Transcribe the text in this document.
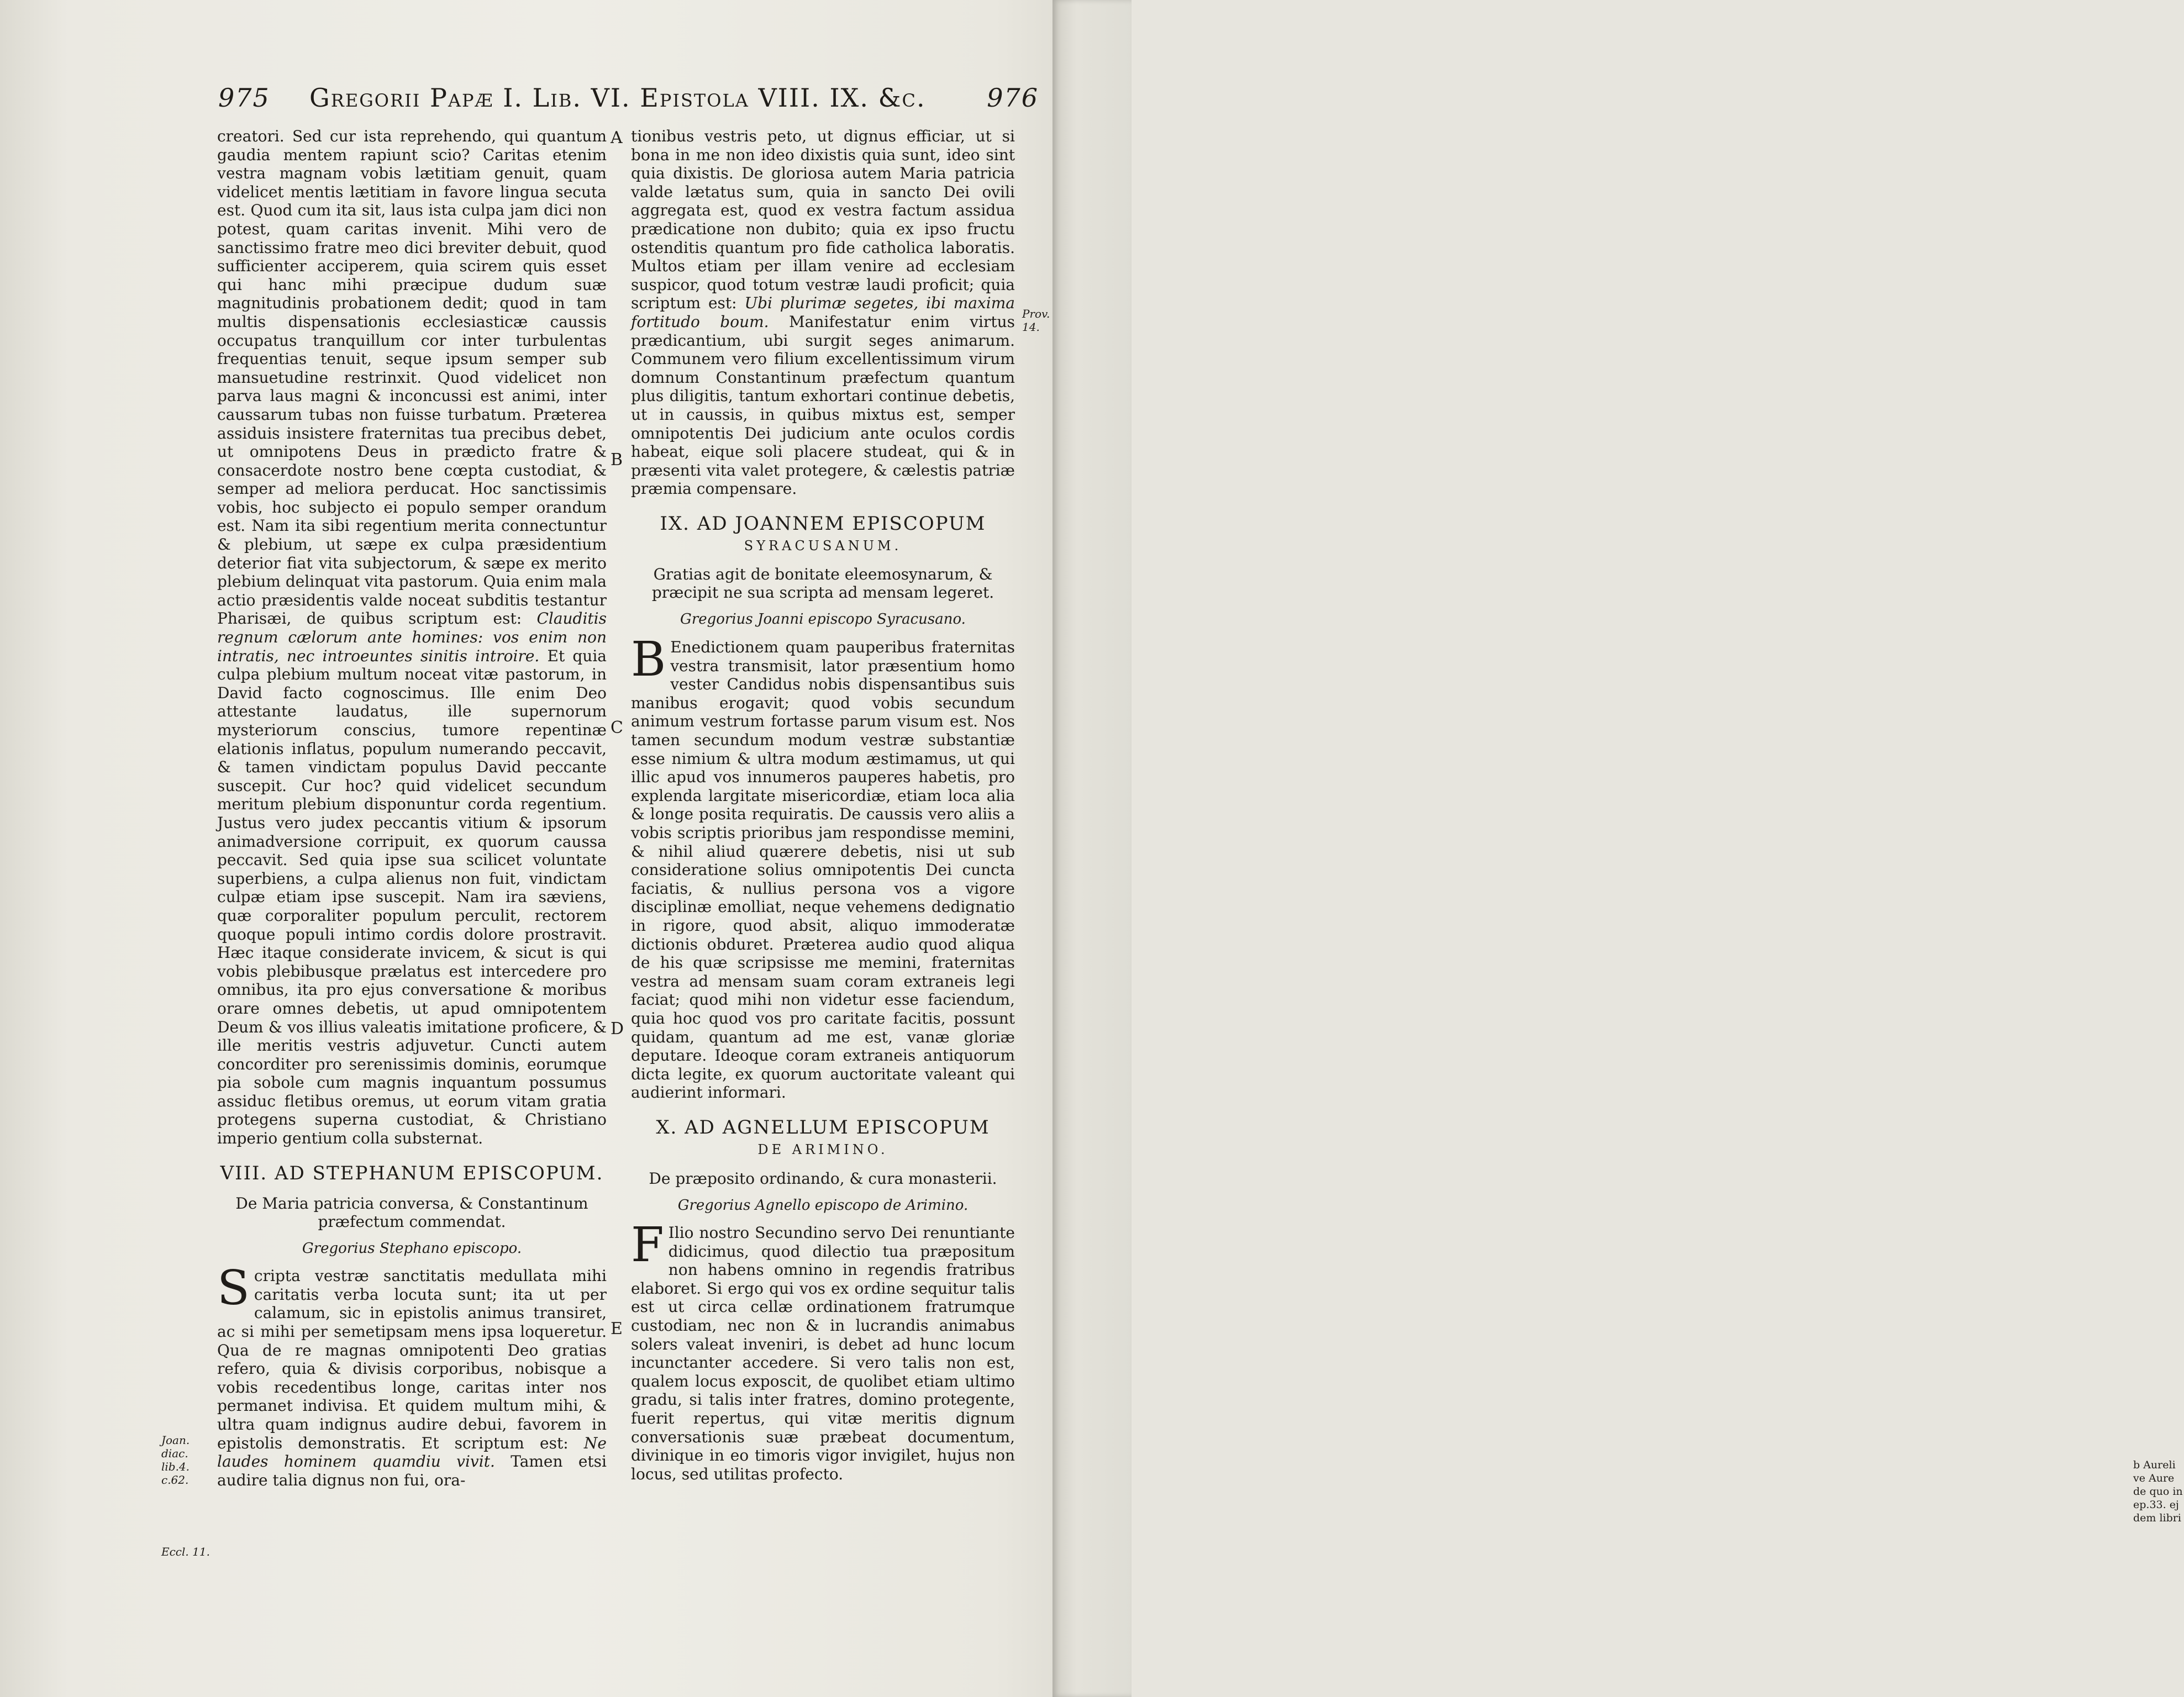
b Aureli ve Aure de quo in ep.33. ej dem libri
975 Gregorii Papæ I. Lib. VI. Epistola VIII. IX. &c. 976
A
B
C
D
E
Joan. diac. lib.4. c.62.
Eccl. 11.
Prov. 14.

creatori. Sed cur ista reprehendo, qui quantum gaudia mentem rapiunt scio? Caritas etenim vestra magnam vobis lætitiam genuit, quam videlicet mentis lætitiam in favore lingua secuta est. Quod cum ita sit, laus ista culpa jam dici non potest, quam caritas invenit. Mihi vero de sanctissimo fratre meo dici breviter debuit, quod sufficienter acciperem, quia scirem quis esset qui hanc mihi præcipue dudum suæ magnitudinis probationem dedit; quod in tam multis dispensationis ecclesiasticæ caussis occupatus tranquillum cor inter turbulentas frequentias tenuit, seque ipsum semper sub mansuetudine restrinxit. Quod videlicet non parva laus magni & inconcussi est animi, inter caussarum tubas non fuisse turbatum. Præterea assiduis insistere fraternitas tua precibus debet, ut omnipotens Deus in prædicto fratre & consacerdote nostro bene cœpta custodiat, & semper ad meliora perducat. Hoc sanctissimis vobis, hoc subjecto ei populo semper orandum est. Nam ita sibi regentium merita connectuntur & plebium, ut sæpe ex culpa præsidentium deterior fiat vita subjectorum, & sæpe ex merito plebium delinquat vita pastorum. Quia enim mala actio præsidentis valde noceat subditis testantur Pharisæi, de quibus scriptum est: Clauditis regnum cælorum ante homines: vos enim non intratis, nec introeuntes sinitis introire. Et quia culpa plebium multum noceat vitæ pastorum, in David facto cognoscimus. Ille enim Deo attestante laudatus, ille supernorum mysteriorum conscius, tumore repentinæ elationis inflatus, populum numerando peccavit, & tamen vindictam populus David peccante suscepit. Cur hoc? quid videlicet secundum meritum plebium disponuntur corda regentium. Justus vero judex peccantis vitium & ipsorum animadversione corripuit, ex quorum caussa peccavit. Sed quia ipse sua scilicet voluntate superbiens, a culpa alienus non fuit, vindictam culpæ etiam ipse suscepit. Nam ira sæviens, quæ corporaliter populum perculit, rectorem quoque populi intimo cordis dolore prostravit. Hæc itaque considerate invicem, & sicut is qui vobis plebibusque prælatus est intercedere pro omnibus, ita pro ejus conversatione & moribus orare omnes debetis, ut apud omnipotentem Deum & vos illius valeatis imitatione proficere, & ille meritis vestris adjuvetur. Cuncti autem concorditer pro serenissimis dominis, eorumque pia sobole cum magnis inquantum possumus assiduc fletibus oremus, ut eorum vitam gratia protegens superna custodiat, & Christiano imperio gentium colla substernat.

VIII. AD STEPHANUM EPISCOPUM.
De Maria patricia conversa, & Constantinum præfectum commendat.
Gregorius Stephano episcopo.

S cripta vestræ sanctitatis medullata mihi caritatis verba locuta sunt; ita ut per calamum, sic in epistolis animus transiret, ac si mihi per semetipsam mens ipsa loqueretur. Qua de re magnas omnipotenti Deo gratias refero, quia & divisis corporibus, nobisque a vobis recedentibus longe, caritas inter nos permanet indivisa. Et quidem multum mihi, & ultra quam indignus audire debui, favorem in epistolis demonstratis. Et scriptum est: Ne laudes hominem quamdiu vivit. Tamen etsi audire talia dignus non fui, ora-

tionibus vestris peto, ut dignus efficiar, ut si bona in me non ideo dixistis quia sunt, ideo sint quia dixistis. De gloriosa autem Maria patricia valde lætatus sum, quia in sancto Dei ovili aggregata est, quod ex vestra factum assidua prædicatione non dubito; quia ex ipso fructu ostenditis quantum pro fide catholica laboratis. Multos etiam per illam venire ad ecclesiam suspicor, quod totum vestræ laudi proficit; quia scriptum est: Ubi plurimæ segetes, ibi maxima fortitudo boum. Manifestatur enim virtus prædicantium, ubi surgit seges animarum. Communem vero filium excellentissimum virum domnum Constantinum præfectum quantum plus diligitis, tantum exhortari continue debetis, ut in caussis, in quibus mixtus est, semper omnipotentis Dei judicium ante oculos cordis habeat, eique soli placere studeat, qui & in præsenti vita valet protegere, & cælestis patriæ præmia compensare.

IX. AD JOANNEM EPISCOPUM
SYRACUSANUM.
Gratias agit de bonitate eleemosynarum, & præcipit ne sua scripta ad mensam legeret.
Gregorius Joanni episcopo Syracusano.

B Enedictionem quam pauperibus fraternitas vestra transmisit, lator præsentium homo vester Candidus nobis dispensantibus suis manibus erogavit; quod vobis secundum animum vestrum fortasse parum visum est. Nos tamen secundum modum vestræ substantiæ esse nimium & ultra modum æstimamus, ut qui illic apud vos innumeros pauperes habetis, pro explenda largitate misericordiæ, etiam loca alia & longe posita requiratis. De caussis vero aliis a vobis scriptis prioribus jam respondisse memini, & nihil aliud quærere debetis, nisi ut sub consideratione solius omnipotentis Dei cuncta faciatis, & nullius persona vos a vigore disciplinæ emolliat, neque vehemens dedignatio in rigore, quod absit, aliquo immoderatæ dictionis obduret. Præterea audio quod aliqua de his quæ scripsisse me memini, fraternitas vestra ad mensam suam coram extraneis legi faciat; quod mihi non videtur esse faciendum, quia hoc quod vos pro caritate facitis, possunt quidam, quantum ad me est, vanæ gloriæ deputare. Ideoque coram extraneis antiquorum dicta legite, ex quorum auctoritate valeant qui audierint informari.

X. AD AGNELLUM EPISCOPUM
DE ARIMINO.
De præposito ordinando, & cura monasterii.
Gregorius Agnello episcopo de Arimino.

F Ilio nostro Secundino servo Dei renuntiante didicimus, quod dilectio tua præpositum non habens omnino in regendis fratribus elaboret. Si ergo qui vos ex ordine sequitur talis est ut circa cellæ ordinationem fratrumque custodiam, nec non & in lucrandis animabus solers valeat inveniri, is debet ad hunc locum incunctanter accedere. Si vero talis non est, qualem locus exposcit, de quolibet etiam ultimo gradu, si talis inter fratres, domino protegente, fuerit repertus, qui vitæ meritis dignum conversationis suæ præbeat documentum, divinique in eo timoris vigor invigilet, hujus non locus, sed utilitas profecto.
